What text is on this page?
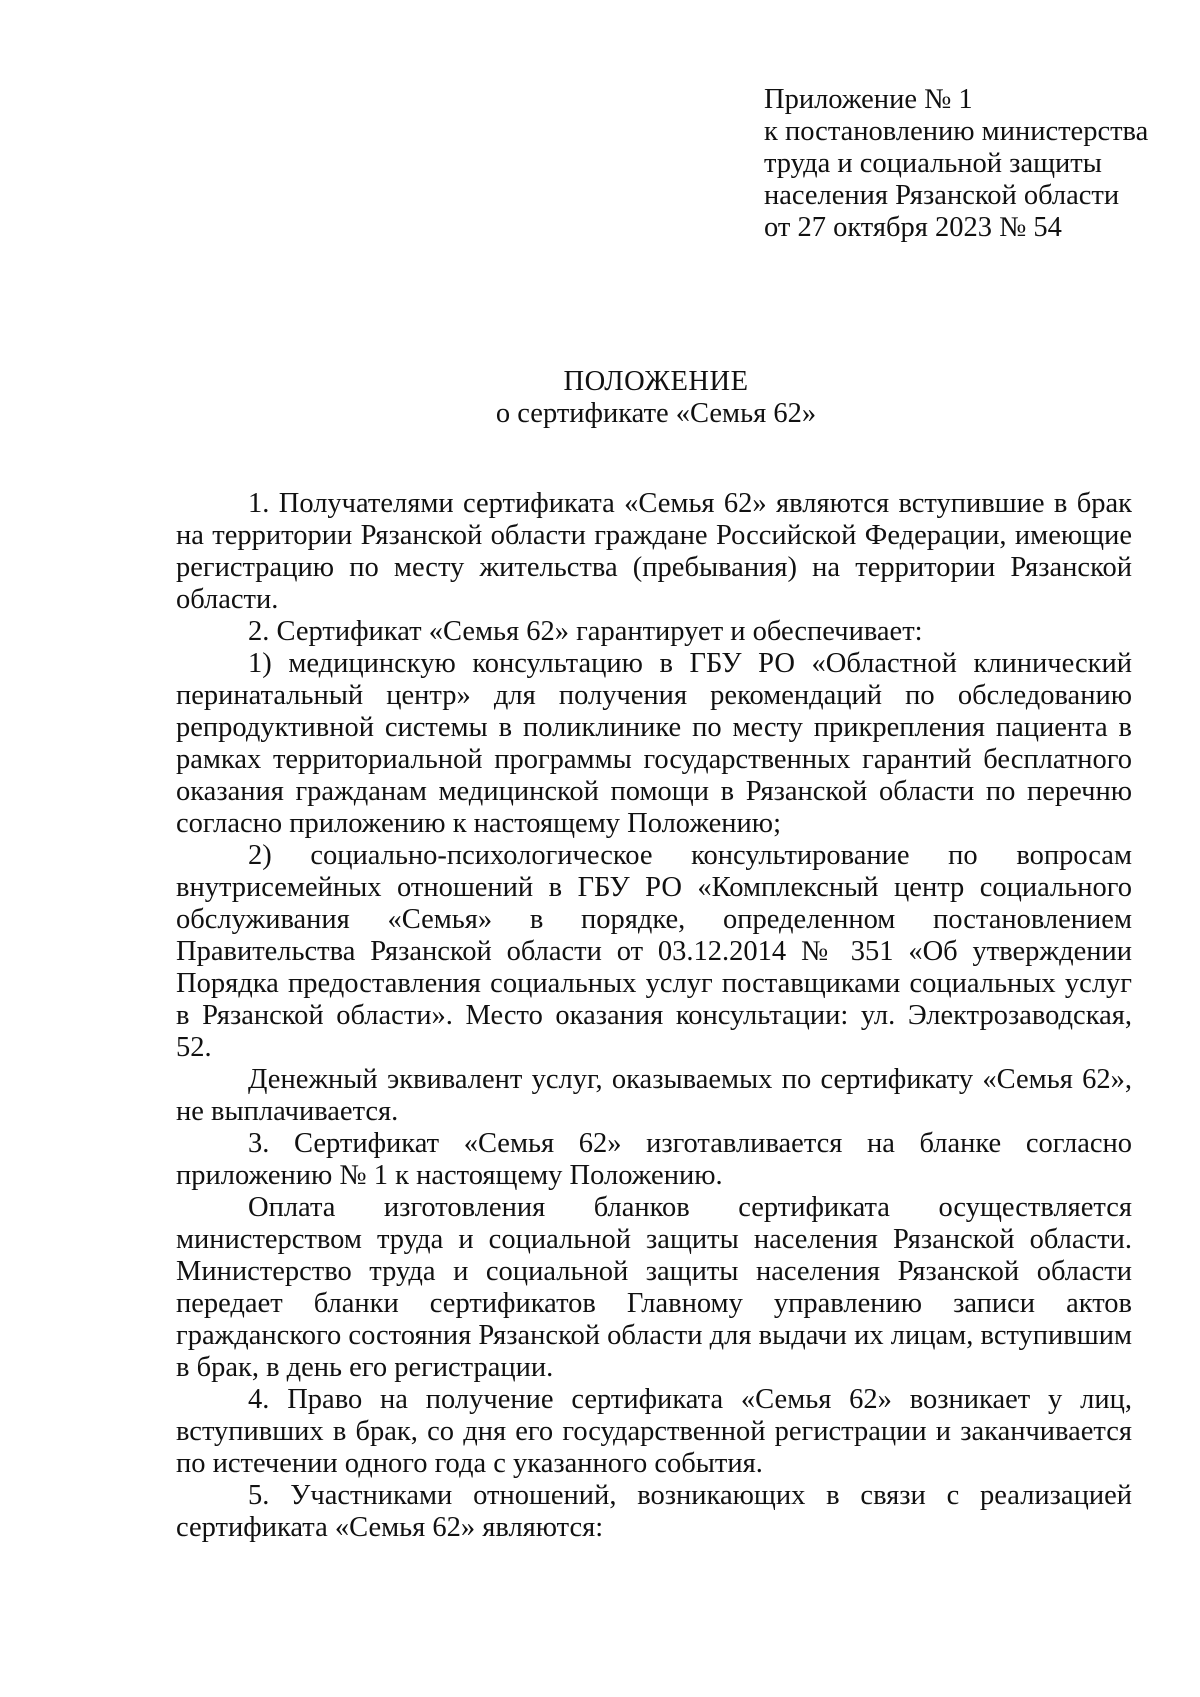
Приложение № 1
к постановлению министерства
труда и социальной защиты
населения Рязанской области
от 27 октября 2023 № 54
ПОЛОЖЕНИЕ
о сертификате «Семья 62»

1. Получателями сертификата «Семья 62» являются вступившие в брак на территории Рязанской области граждане Российской Федерации, имеющие регистрацию по месту жительства (пребывания) на территории Рязанской области.

2. Сертификат «Семья 62» гарантирует и обеспечивает:

1) медицинскую консультацию в ГБУ РО «Областной клинический перинатальный центр» для получения рекомендаций по обследованию репродуктивной системы в поликлинике по месту прикрепления пациента в рамках территориальной программы государственных гарантий бесплатного оказания гражданам медицинской помощи в Рязанской области по перечню согласно приложению к настоящему Положению;

2) социально-психологическое консультирование по вопросам внутрисемейных отношений в ГБУ РО «Комплексный центр социального обслуживания «Семья» в порядке, определенном постановлением Правительства Рязанской области от 03.12.2014 № 351 «Об утверждении Порядка предоставления социальных услуг поставщиками социальных услуг в Рязанской области». Место оказания консультации: ул. Электрозаводская, 52.

Денежный эквивалент услуг, оказываемых по сертификату «Семья 62», не выплачивается.

3. Сертификат «Семья 62» изготавливается на бланке согласно приложению № 1 к настоящему Положению.

Оплата изготовления бланков сертификата осуществляется министерством труда и социальной защиты населения Рязанской области. Министерство труда и социальной защиты населения Рязанской области передает бланки сертификатов Главному управлению записи актов гражданского состояния Рязанской области для выдачи их лицам, вступившим в брак, в день его регистрации.

4. Право на получение сертификата «Семья 62» возникает у лиц, вступивших в брак, со дня его государственной регистрации и заканчивается по истечении одного года с указанного события.

5. Участниками отношений, возникающих в связи с реализацией сертификата «Семья 62» являются:
